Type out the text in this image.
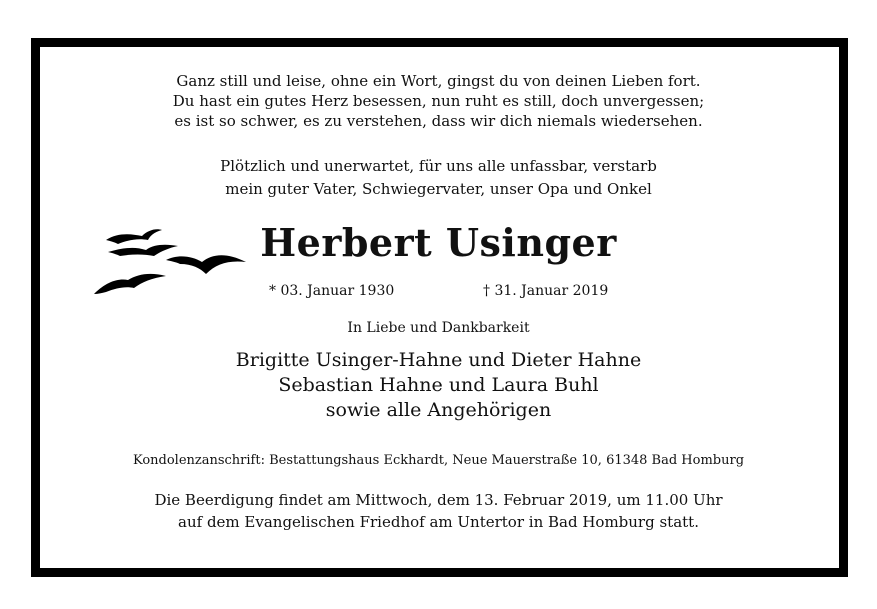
Ganz still und leise, ohne ein Wort, gingst du von deinen Lieben fort.
Du hast ein gutes Herz besessen, nun ruht es still, doch unvergessen;
es ist so schwer, es zu verstehen, dass wir dich niemals wiedersehen.
Plötzlich und unerwartet, für uns alle unfassbar, verstarb
mein guter Vater, Schwiegervater, unser Opa und Onkel
Herbert Usinger
* 03. Januar 1930	† 31. Januar 2019
In Liebe und Dankbarkeit
Brigitte Usinger-Hahne und Dieter Hahne
Sebastian Hahne und Laura Buhl
sowie alle Angehörigen
Kondolenzanschrift: Bestattungshaus Eckhardt, Neue Mauerstraße 10, 61348 Bad Homburg
Die Beerdigung findet am Mittwoch, dem 13. Februar 2019, um 11.00 Uhr
auf dem Evangelischen Friedhof am Untertor in Bad Homburg statt.
